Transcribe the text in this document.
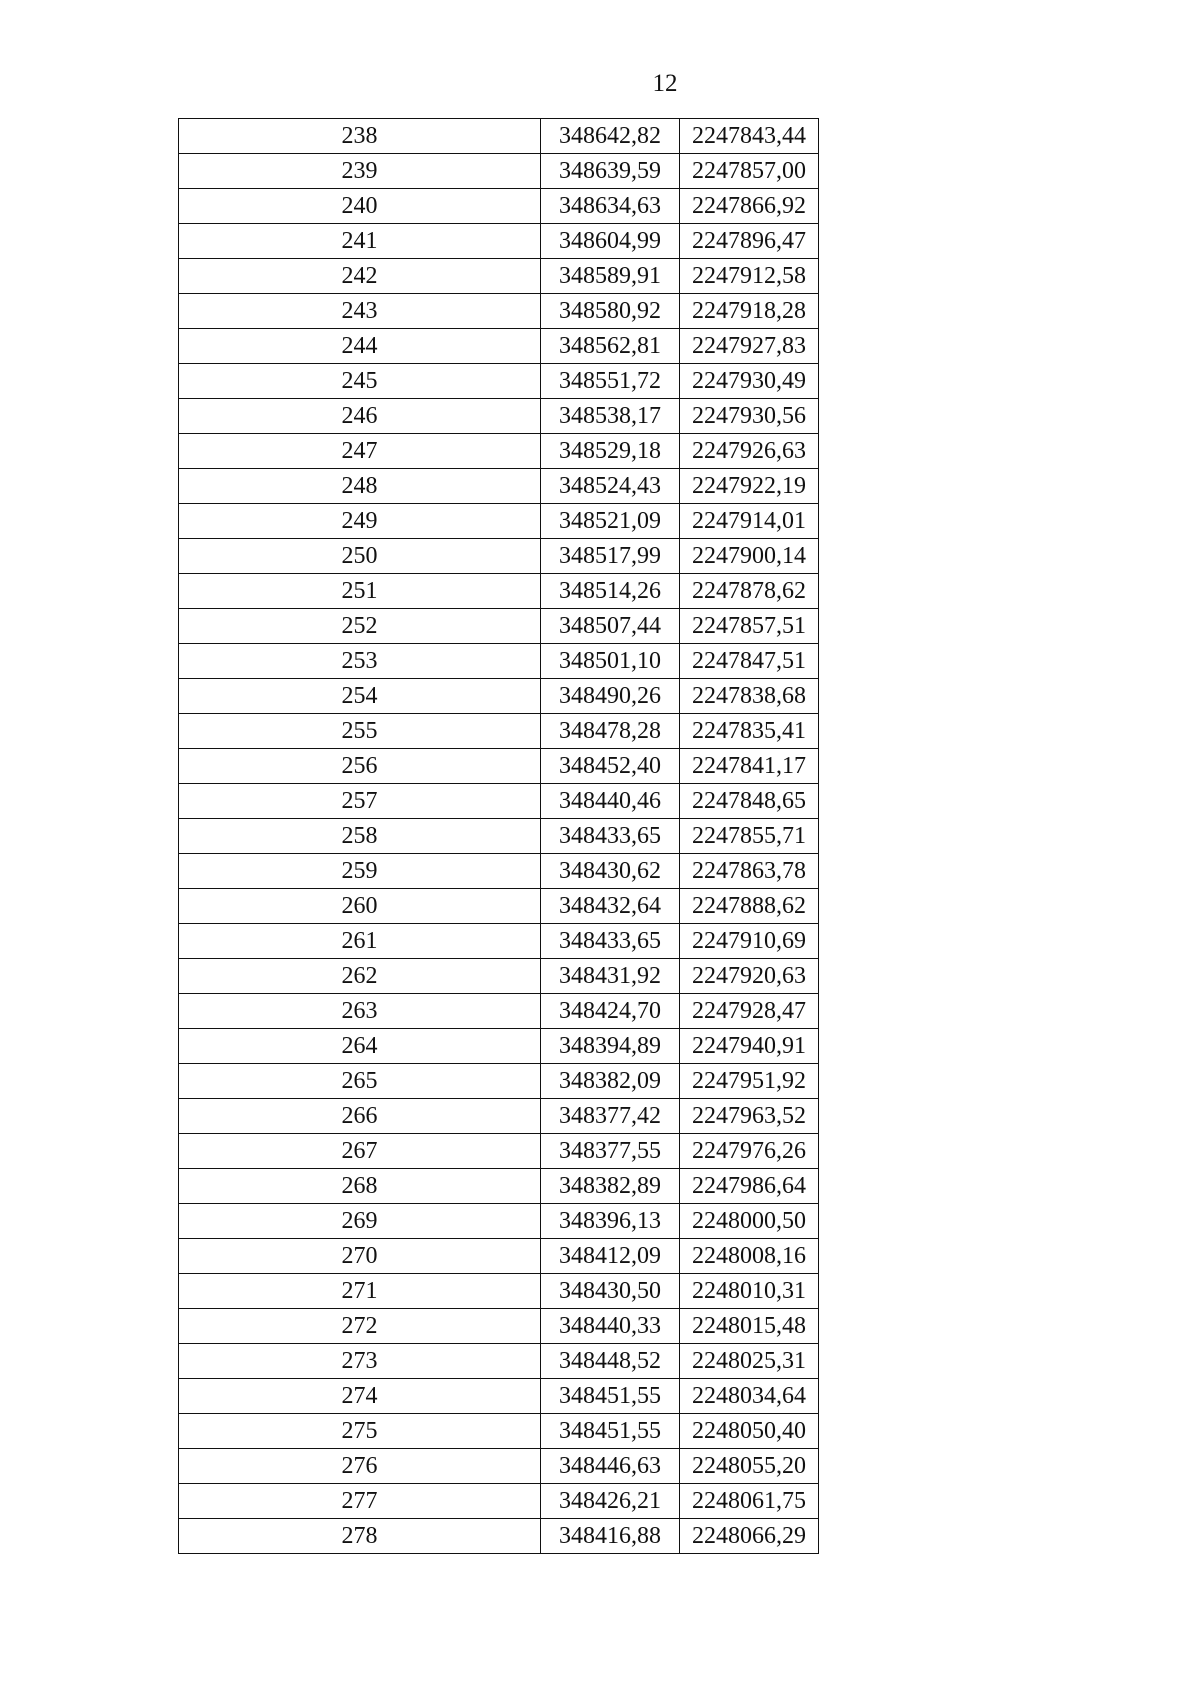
12
238	348642,82	2247843,44
239	348639,59	2247857,00
240	348634,63	2247866,92
241	348604,99	2247896,47
242	348589,91	2247912,58
243	348580,92	2247918,28
244	348562,81	2247927,83
245	348551,72	2247930,49
246	348538,17	2247930,56
247	348529,18	2247926,63
248	348524,43	2247922,19
249	348521,09	2247914,01
250	348517,99	2247900,14
251	348514,26	2247878,62
252	348507,44	2247857,51
253	348501,10	2247847,51
254	348490,26	2247838,68
255	348478,28	2247835,41
256	348452,40	2247841,17
257	348440,46	2247848,65
258	348433,65	2247855,71
259	348430,62	2247863,78
260	348432,64	2247888,62
261	348433,65	2247910,69
262	348431,92	2247920,63
263	348424,70	2247928,47
264	348394,89	2247940,91
265	348382,09	2247951,92
266	348377,42	2247963,52
267	348377,55	2247976,26
268	348382,89	2247986,64
269	348396,13	2248000,50
270	348412,09	2248008,16
271	348430,50	2248010,31
272	348440,33	2248015,48
273	348448,52	2248025,31
274	348451,55	2248034,64
275	348451,55	2248050,40
276	348446,63	2248055,20
277	348426,21	2248061,75
278	348416,88	2248066,29
